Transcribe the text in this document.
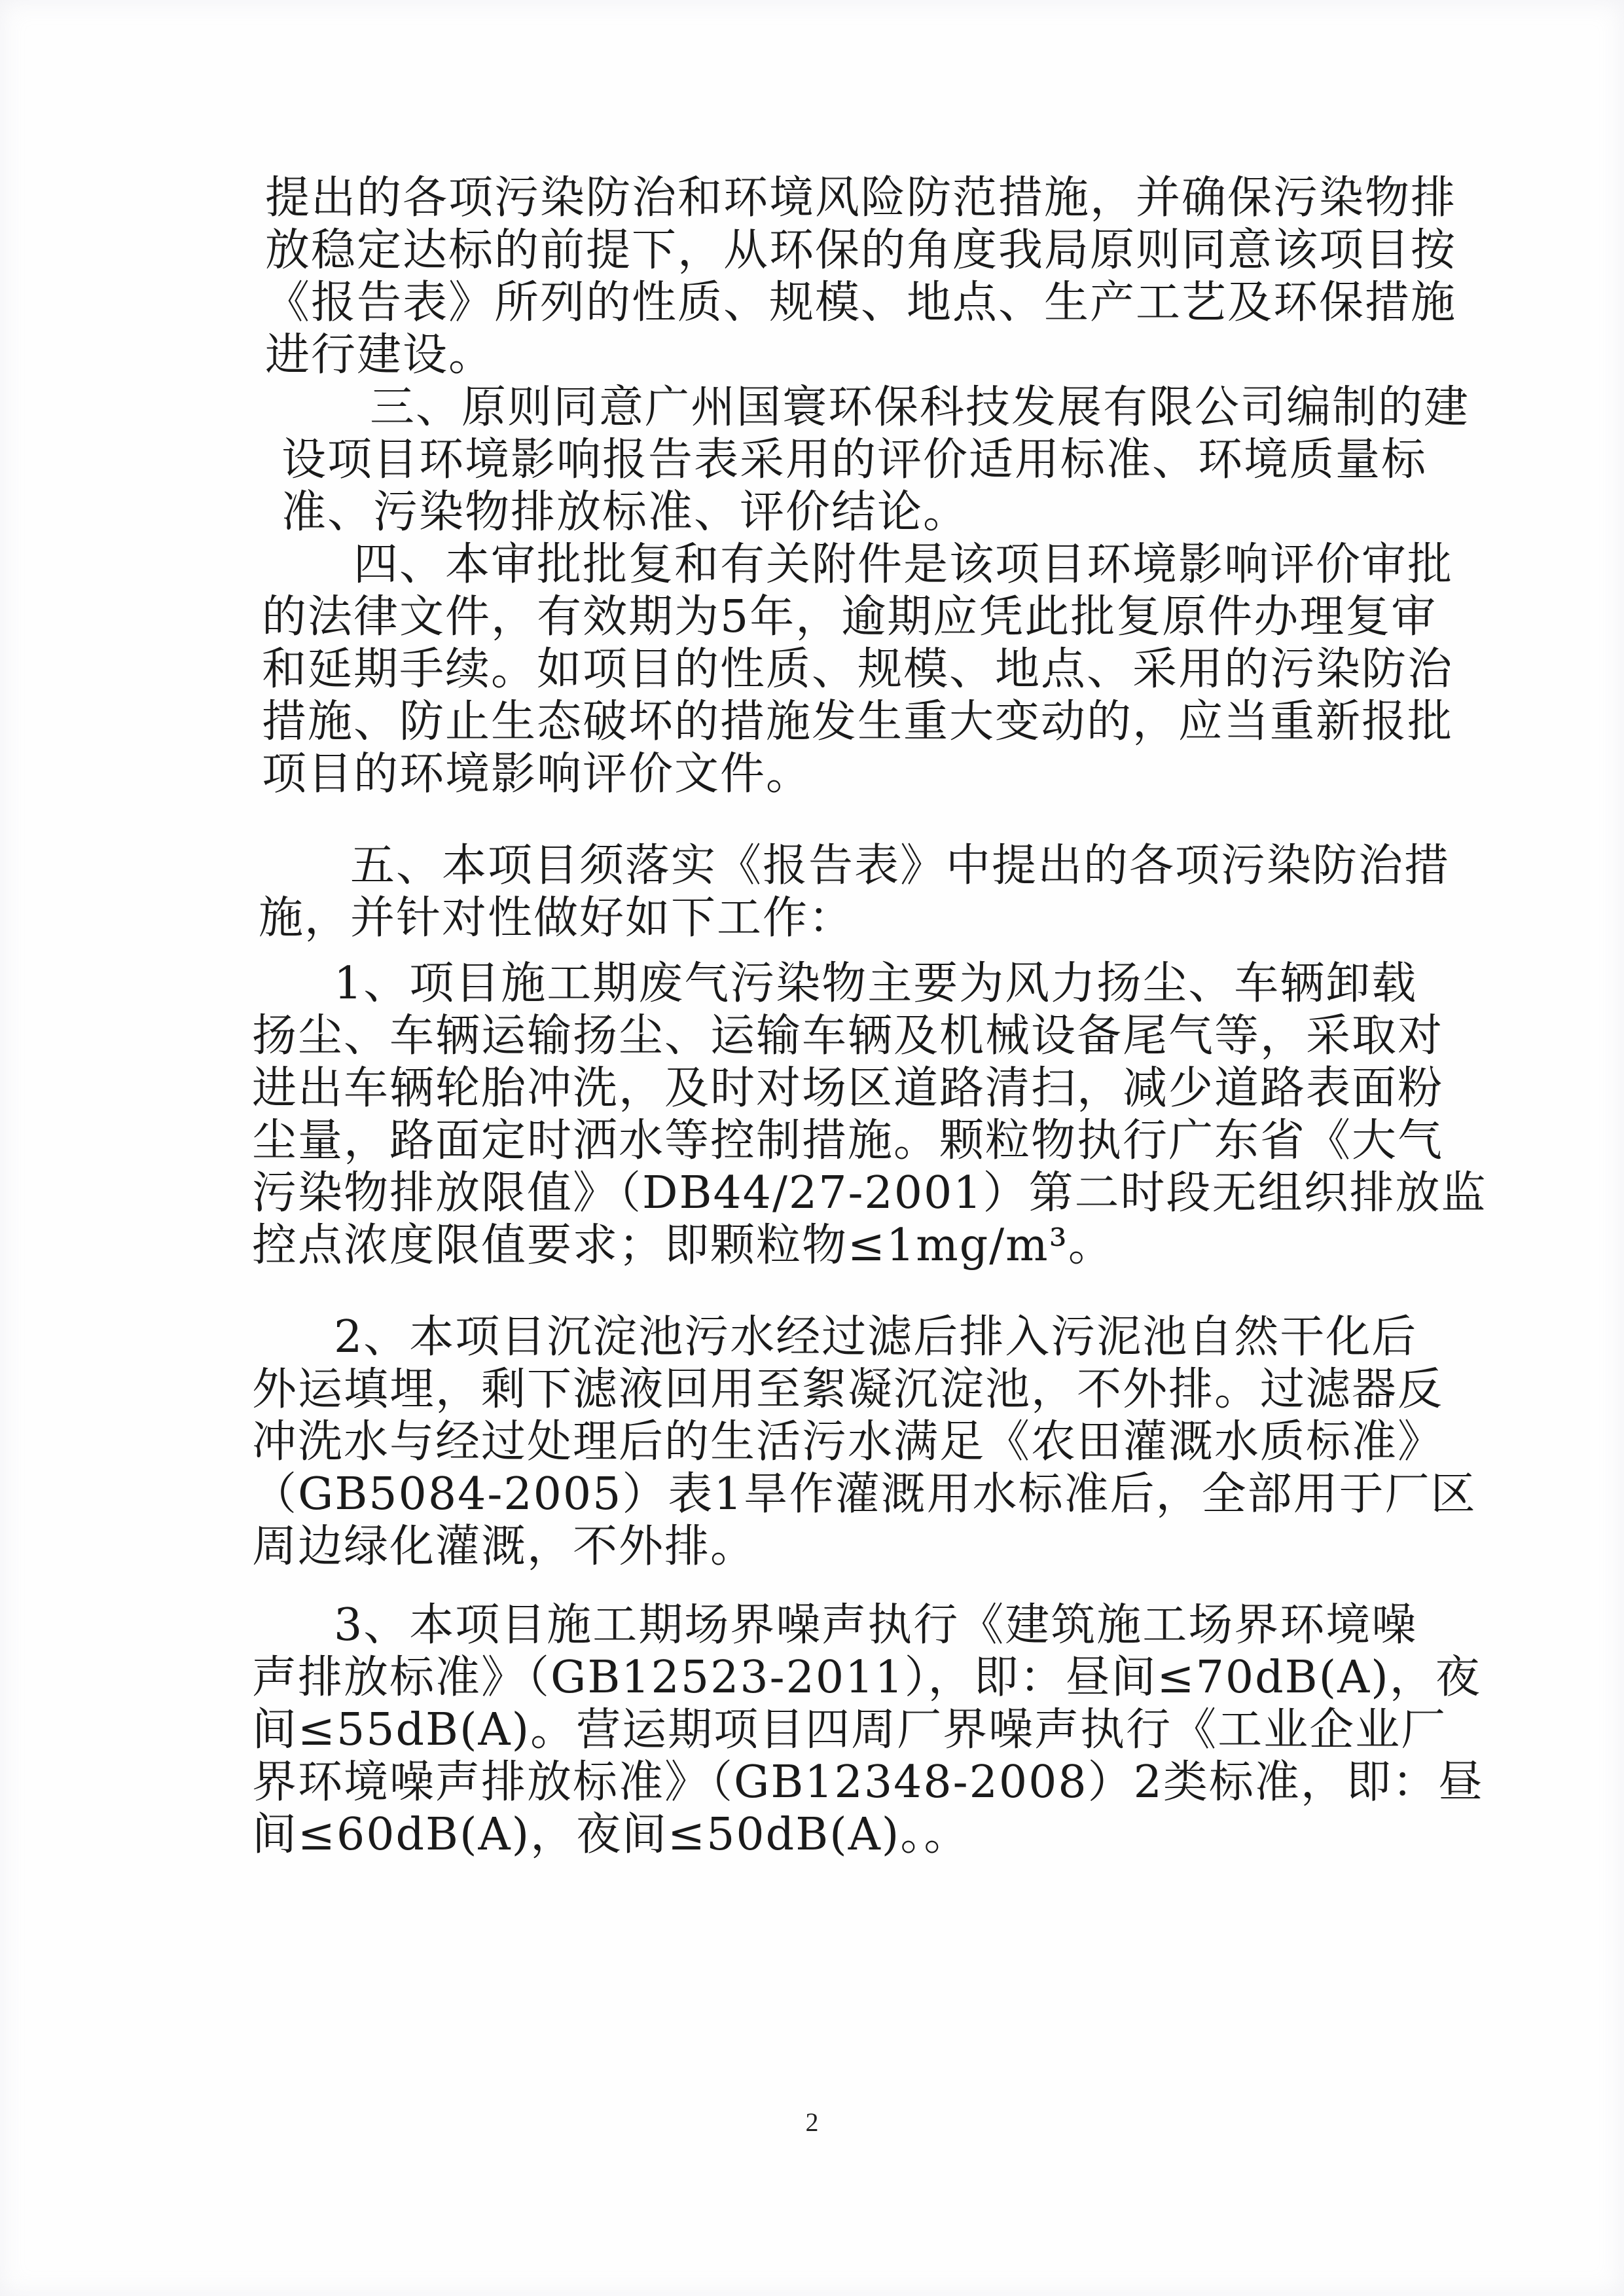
提出的各项污染防治和环境风险防范措施，并确保污染物排
放稳定达标的前提下，从环保的角度我局原则同意该项目按
《报告表》所列的性质、规模、地点、生产工艺及环保措施
进行建设。
三、原则同意广州国寰环保科技发展有限公司编制的建
设项目环境影响报告表采用的评价适用标准、环境质量标
准、污染物排放标准、评价结论。
四、本审批批复和有关附件是该项目环境影响评价审批
的法律文件，有效期为5年，逾期应凭此批复原件办理复审
和延期手续。如项目的性质、规模、地点、采用的污染防治
措施、防止生态破坏的措施发生重大变动的，应当重新报批
项目的环境影响评价文件。
五、本项目须落实《报告表》中提出的各项污染防治措
施，并针对性做好如下工作：
1、项目施工期废气污染物主要为风力扬尘、车辆卸载
扬尘、车辆运输扬尘、运输车辆及机械设备尾气等，采取对
进出车辆轮胎冲洗，及时对场区道路清扫，减少道路表面粉
尘量，路面定时洒水等控制措施。颗粒物执行广东省《大气
污染物排放限值》（DB44/27-2001）第二时段无组织排放监
控点浓度限值要求；即颗粒物≤1mg/m³。
2、本项目沉淀池污水经过滤后排入污泥池自然干化后
外运填埋，剩下滤液回用至絮凝沉淀池，不外排。过滤器反
冲洗水与经过处理后的生活污水满足《农田灌溉水质标准》
（GB5084-2005）表1旱作灌溉用水标准后，全部用于厂区
周边绿化灌溉，不外排。
3、本项目施工期场界噪声执行《建筑施工场界环境噪
声排放标准》（GB12523-2011），即：昼间≤70dB(A)，夜
间≤55dB(A)。营运期项目四周厂界噪声执行《工业企业厂
界环境噪声排放标准》（GB12348-2008）2类标准，即：昼
间≤60dB(A)，夜间≤50dB(A)。。
2
